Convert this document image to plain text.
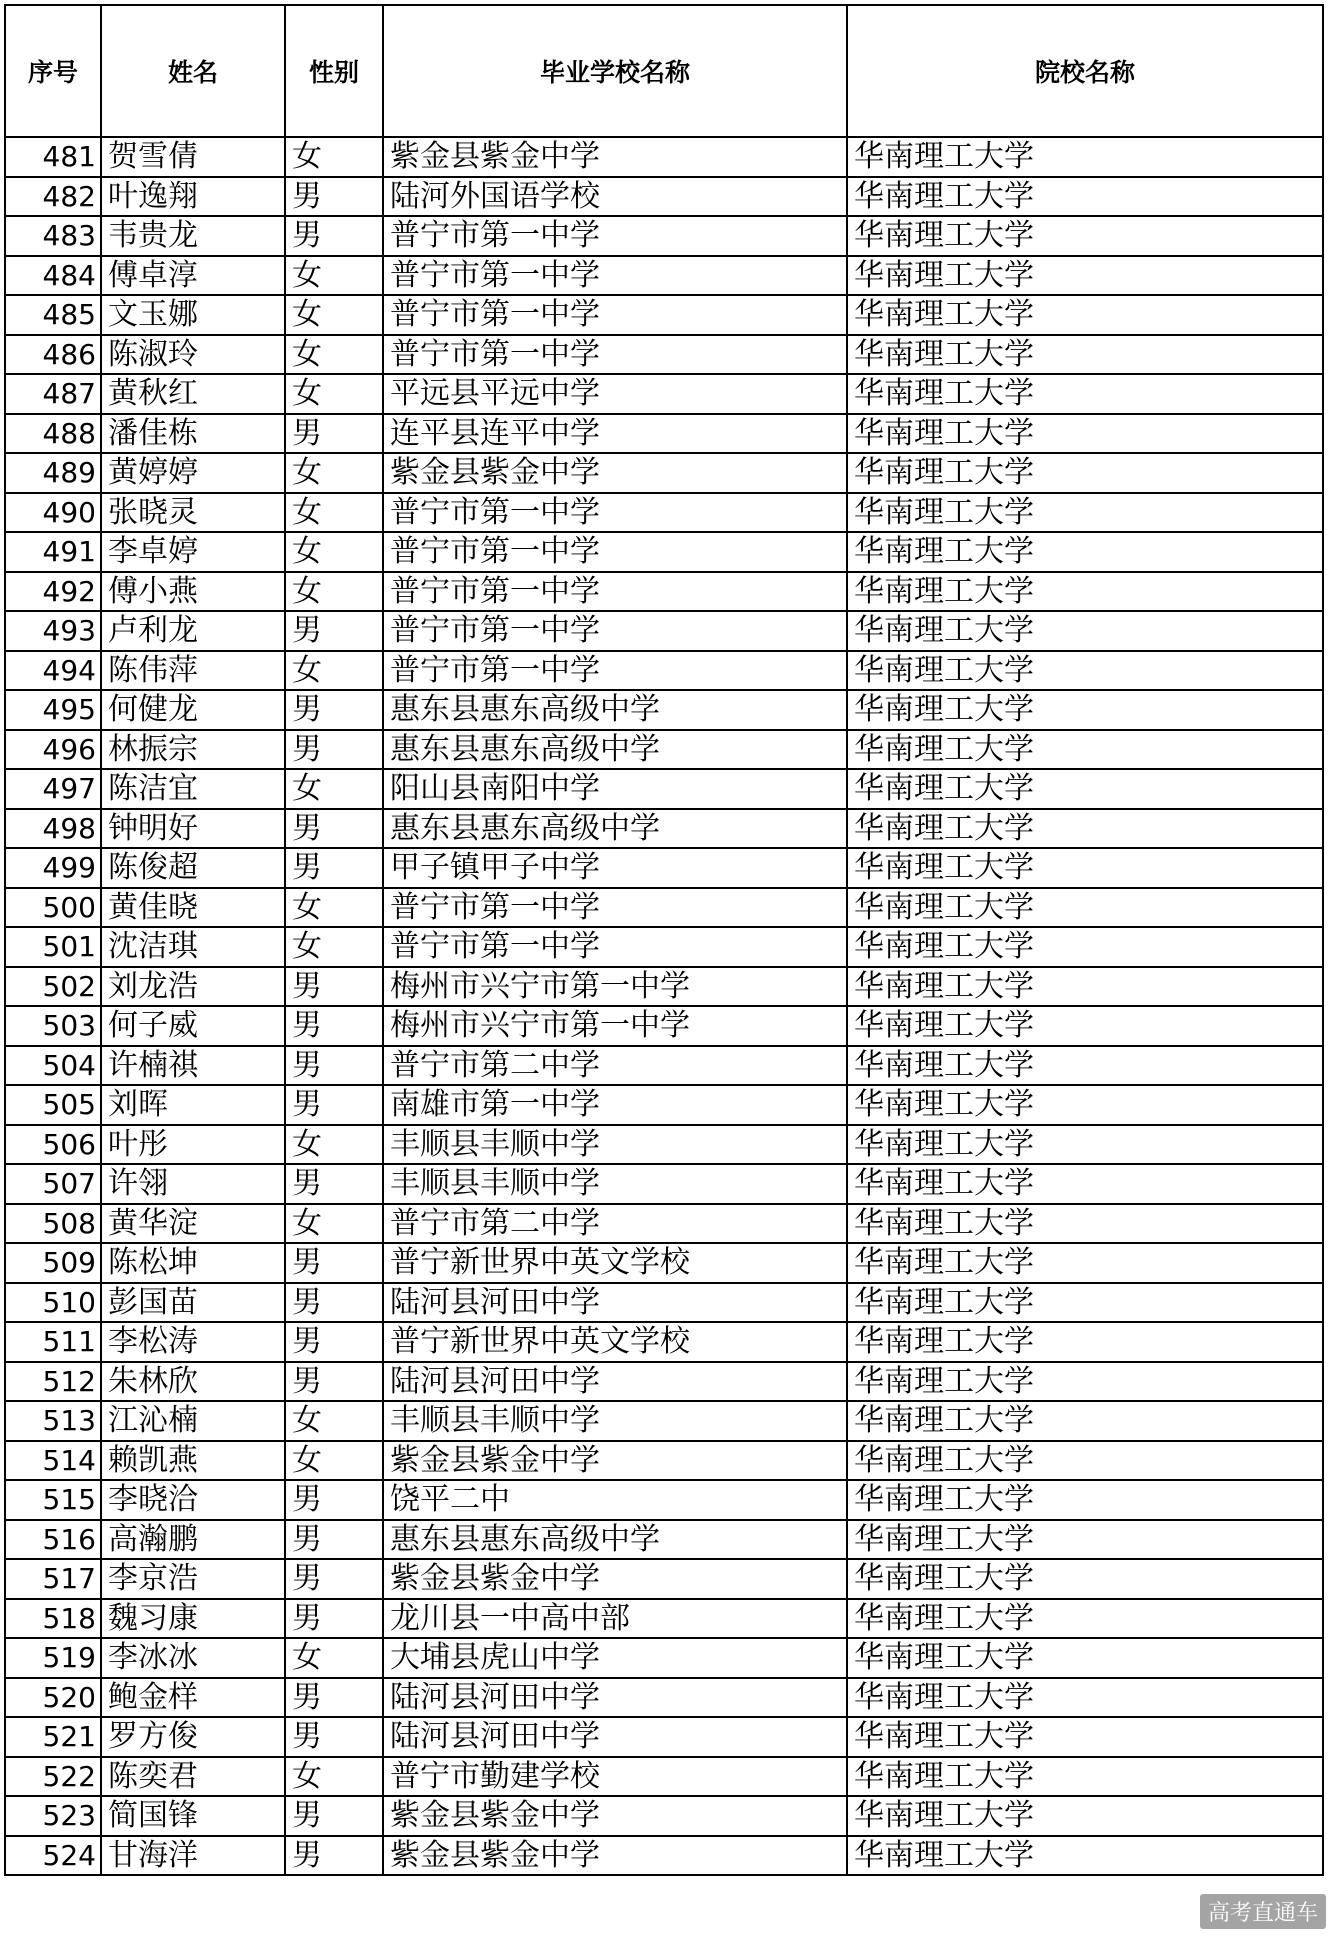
序号	姓名	性别	毕业学校名称	院校名称
481	贺雪倩	女	紫金县紫金中学	华南理工大学
482	叶逸翔	男	陆河外国语学校	华南理工大学
483	韦贵龙	男	普宁市第一中学	华南理工大学
484	傅卓淳	女	普宁市第一中学	华南理工大学
485	文玉娜	女	普宁市第一中学	华南理工大学
486	陈淑玲	女	普宁市第一中学	华南理工大学
487	黄秋红	女	平远县平远中学	华南理工大学
488	潘佳栋	男	连平县连平中学	华南理工大学
489	黄婷婷	女	紫金县紫金中学	华南理工大学
490	张晓灵	女	普宁市第一中学	华南理工大学
491	李卓婷	女	普宁市第一中学	华南理工大学
492	傅小燕	女	普宁市第一中学	华南理工大学
493	卢利龙	男	普宁市第一中学	华南理工大学
494	陈伟萍	女	普宁市第一中学	华南理工大学
495	何健龙	男	惠东县惠东高级中学	华南理工大学
496	林振宗	男	惠东县惠东高级中学	华南理工大学
497	陈洁宜	女	阳山县南阳中学	华南理工大学
498	钟明好	男	惠东县惠东高级中学	华南理工大学
499	陈俊超	男	甲子镇甲子中学	华南理工大学
500	黄佳晓	女	普宁市第一中学	华南理工大学
501	沈洁琪	女	普宁市第一中学	华南理工大学
502	刘龙浩	男	梅州市兴宁市第一中学	华南理工大学
503	何子威	男	梅州市兴宁市第一中学	华南理工大学
504	许楠祺	男	普宁市第二中学	华南理工大学
505	刘晖	男	南雄市第一中学	华南理工大学
506	叶彤	女	丰顺县丰顺中学	华南理工大学
507	许翎	男	丰顺县丰顺中学	华南理工大学
508	黄华淀	女	普宁市第二中学	华南理工大学
509	陈松坤	男	普宁新世界中英文学校	华南理工大学
510	彭国苗	男	陆河县河田中学	华南理工大学
511	李松涛	男	普宁新世界中英文学校	华南理工大学
512	朱林欣	男	陆河县河田中学	华南理工大学
513	江沁楠	女	丰顺县丰顺中学	华南理工大学
514	赖凯燕	女	紫金县紫金中学	华南理工大学
515	李晓洽	男	饶平二中	华南理工大学
516	高瀚鹏	男	惠东县惠东高级中学	华南理工大学
517	李京浩	男	紫金县紫金中学	华南理工大学
518	魏习康	男	龙川县一中高中部	华南理工大学
519	李冰冰	女	大埔县虎山中学	华南理工大学
520	鲍金样	男	陆河县河田中学	华南理工大学
521	罗方俊	男	陆河县河田中学	华南理工大学
522	陈奕君	女	普宁市勤建学校	华南理工大学
523	简国锋	男	紫金县紫金中学	华南理工大学
524	甘海洋	男	紫金县紫金中学	华南理工大学
高考直通车
